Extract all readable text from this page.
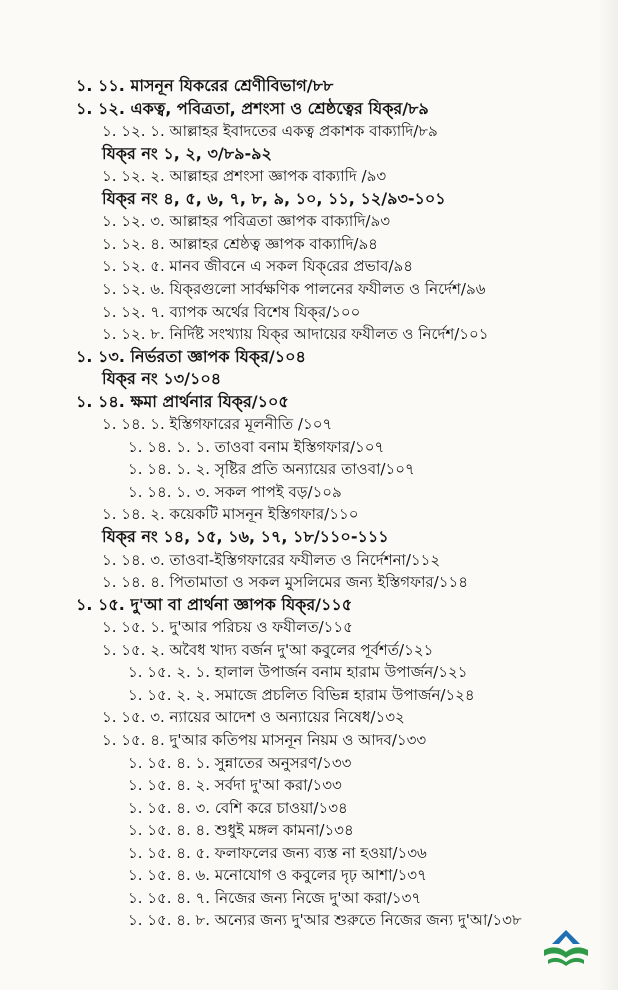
১. ১১. মাসনূন যিকরের শ্রেণীবিভাগ/৮৮
১. ১২. একত্ব, পবিত্রতা, প্রশংসা ও শ্রেষ্ঠত্বের যিক্‌র/৮৯
১. ১২. ১. আল্লাহর ইবাদতের একত্ব প্রকাশক বাক্যাদি/৮৯
যিক্‌র নং ১, ২, ৩/৮৯-৯২
১. ১২. ২. আল্লাহর প্রশংসা জ্ঞাপক বাক্যাদি /৯৩
যিক্‌র নং ৪, ৫, ৬, ৭, ৮, ৯, ১০, ১১, ১২/৯৩-১০১
১. ১২. ৩. আল্লাহর পবিত্রতা জ্ঞাপক বাক্যাদি/৯৩
১. ১২. ৪. আল্লাহর শ্রেষ্ঠত্ব জ্ঞাপক বাক্যাদি/৯৪
১. ১২. ৫. মানব জীবনে এ সকল যিক্‌রের প্রভাব/৯৪
১. ১২. ৬. যিক্‌রগুলো সার্বক্ষণিক পালনের ফযীলত ও নির্দেশ/৯৬
১. ১২. ৭. ব্যাপক অর্থের বিশেষ যিক্‌র/১০০
১. ১২. ৮. নির্দিষ্ট সংখ্যায় যিক্‌র আদায়ের ফযীলত ও নির্দেশ/১০১
১. ১৩. নির্ভরতা জ্ঞাপক যিক্‌র/১০৪
যিক্‌র নং ১৩/১০৪
১. ১৪. ক্ষমা প্রার্থনার যিক্‌র/১০৫
১. ১৪. ১. ইস্তিগফারের মূলনীতি /১০৭
১. ১৪. ১. ১. তাওবা বনাম ইস্তিগফার/১০৭
১. ১৪. ১. ২. সৃষ্টির প্রতি অন্যায়ের তাওবা/১০৭
১. ১৪. ১. ৩. সকল পাপই বড়/১০৯
১. ১৪. ২. কয়েকটি মাসনূন ইস্তিগফার/১১০
যিক্‌র নং ১৪, ১৫, ১৬, ১৭, ১৮/১১০-১১১
১. ১৪. ৩. তাওবা-ইস্তিগফারের ফযীলত ও নির্দেশনা/১১২
১. ১৪. ৪. পিতামাতা ও সকল মুসলিমের জন্য ইস্তিগফার/১১৪
১. ১৫. দু'আ বা প্রার্থনা জ্ঞাপক যিক্‌র/১১৫
১. ১৫. ১. দু'আর পরিচয় ও ফযীলত/১১৫
১. ১৫. ২. অবৈধ খাদ্য বর্জন দু'আ কবুলের পূর্বশর্ত/১২১
১. ১৫. ২. ১. হালাল উপার্জন বনাম হারাম উপার্জন/১২১
১. ১৫. ২. ২. সমাজে প্রচলিত বিভিন্ন হারাম উপার্জন/১২৪
১. ১৫. ৩. ন্যায়ের আদেশ ও অন্যায়ের নিষেধ/১৩২
১. ১৫. ৪. দু'আর কতিপয় মাসনূন নিয়ম ও আদব/১৩৩
১. ১৫. ৪. ১. সুন্নাতের অনুসরণ/১৩৩
১. ১৫. ৪. ২. সর্বদা দু'আ করা/১৩৩
১. ১৫. ৪. ৩. বেশি করে চাওয়া/১৩৪
১. ১৫. ৪. ৪. শুধুই মঙ্গল কামনা/১৩৪
১. ১৫. ৪. ৫. ফলাফলের জন্য ব্যস্ত না হওয়া/১৩৬
১. ১৫. ৪. ৬. মনোযোগ ও কবুলের দৃঢ় আশা/১৩৭
১. ১৫. ৪. ৭. নিজের জন্য নিজে দু'আ করা/১৩৭
১. ১৫. ৪. ৮. অন্যের জন্য দু'আর শুরুতে নিজের জন্য দু'আ/১৩৮
